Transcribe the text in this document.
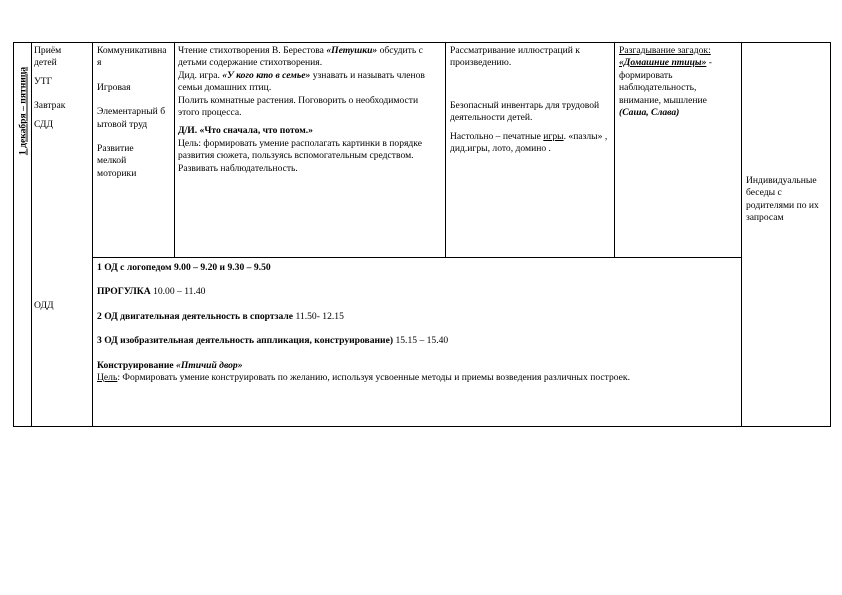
1 декабря – пятница

Приём детей

УТГ

Завтрак

СДД

ОДД

Коммуникативная

Игровая

Элементарный бытовой труд

Развитие мелкой моторики

Чтение стихотворения В. Берестова «Петушки» обсудить с детьми содержание стихотворения.

Дид. игра. «У кого кто в семье» узнавать и называть членов семьи домашних птиц.

Полить комнатные растения. Поговорить о необходимости этого процесса.

Д/И. «Что сначала, что потом.»

Цель: формировать умение располагать картинки в порядке развития сюжета, пользуясь вспомогательным средством. Развивать наблюдательность.

Рассматривание иллюстраций к произведению.

Безопасный инвентарь для трудовой деятельности детей.

Настольно – печатные игры. «пазлы» , дид.игры, лото, домино .

Разгадывание загадок: «Домашние птицы» - формировать наблюдательность, внимание, мышление (Саша, Слава)

Индивидуальные беседы с родителями по их запросам

1 ОД с логопедом 9.00 – 9.20 и 9.30 – 9.50

ПРОГУЛКА 10.00 – 11.40

2 ОД двигательная деятельность в спортзале 11.50- 12.15

3 ОД изобразительная деятельность аппликация, конструирование) 15.15 – 15.40

Конструирование «Птичий двор»

Цель: Формировать умение конструировать по желанию, используя усвоенные методы и приемы возведения различных построек.
